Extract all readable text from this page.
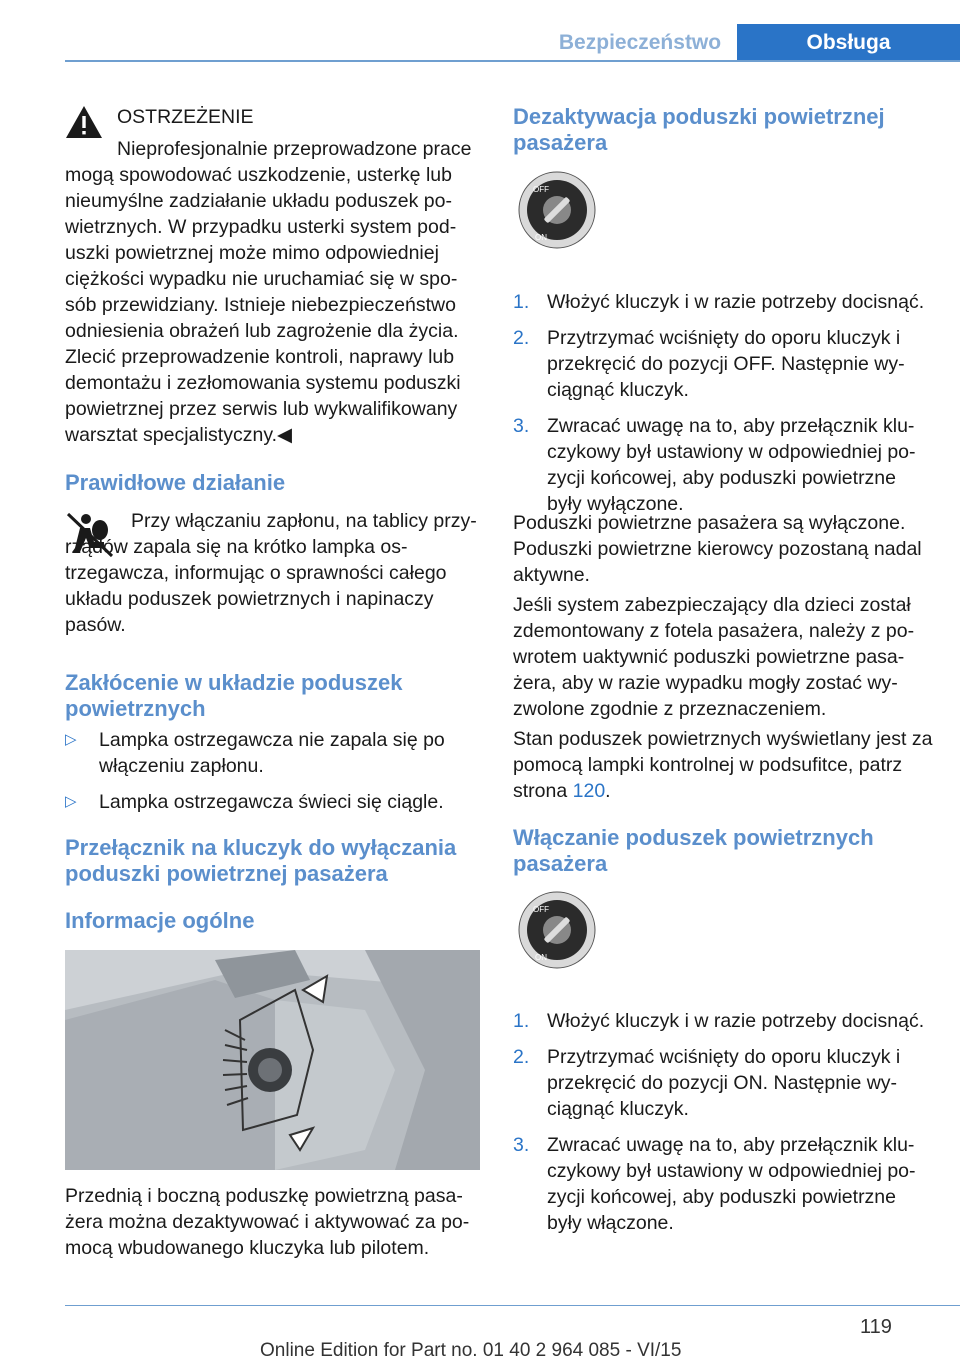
Bezpieczeństwo	Obsługa

OSTRZEŻENIE

Nieprofesjonalnie przeprowadzone prace mogą spowodować uszkodzenie, usterkę lub nieumyślne zadziałanie układu poduszek powietrznych. W przypadku usterki system poduszki powietrznej może mimo odpowiedniej ciężkości wypadku nie uruchamiać się w sposób przewidziany. Istnieje niebezpieczeństwo odniesienia obrażeń lub zagrożenie dla życia. Zlecić przeprowadzenie kontroli, naprawy lub demontażu i zezłomowania systemu poduszki powietrznej przez serwis lub wykwalifikowany warsztat specjalistyczny.◀

Prawidłowe działanie

Przy włączaniu zapłonu, na tablicy przyrządów zapala się na krótko lampka ostrzegawcza, informując o sprawności całego układu poduszek powietrznych i napinaczy pasów.

Zakłócenie w układzie poduszek powietrznych
▷ Lampka ostrzegawcza nie zapala się po włączeniu zapłonu.
▷ Lampka ostrzegawcza świeci się ciągle.
Przełącznik na kluczyk do wyłączania poduszki powietrznej pasażera
Informacje ogólne

Przednią i boczną poduszkę powietrzną pasażera można dezaktywować i aktywować za pomocą wbudowanego kluczyka lub pilotem.

Dezaktywacja poduszki powietrznej pasażera
OFF
ON
1. Włożyć kluczyk i w razie potrzeby docisnąć.
2. Przytrzymać wciśnięty do oporu kluczyk i przekręcić do pozycji OFF. Następnie wyciągnąć kluczyk.
3. Zwracać uwagę na to, aby przełącznik kluczykowy był ustawiony w odpowiedniej pozycji końcowej, aby poduszki powietrzne były wyłączone.

Poduszki powietrzne pasażera są wyłączone. Poduszki powietrzne kierowcy pozostaną nadal aktywne.

Jeśli system zabezpieczający dla dzieci został zdemontowany z fotela pasażera, należy z powrotem uaktywnić poduszki powietrzne pasażera, aby w razie wypadku mogły zostać wyzwolone zgodnie z przeznaczeniem.

Stan poduszek powietrznych wyświetlany jest za pomocą lampki kontrolnej w podsufitce, patrz strona 120.

Włączanie poduszek powietrznych pasażera
OFF
ON
1. Włożyć kluczyk i w razie potrzeby docisnąć.
2. Przytrzymać wciśnięty do oporu kluczyk i przekręcić do pozycji ON. Następnie wyciągnąć kluczyk.
3. Zwracać uwagę na to, aby przełącznik kluczykowy był ustawiony w odpowiedniej pozycji końcowej, aby poduszki powietrzne były włączone.
119
Online Edition for Part no. 01 40 2 964 085 - VI/15
